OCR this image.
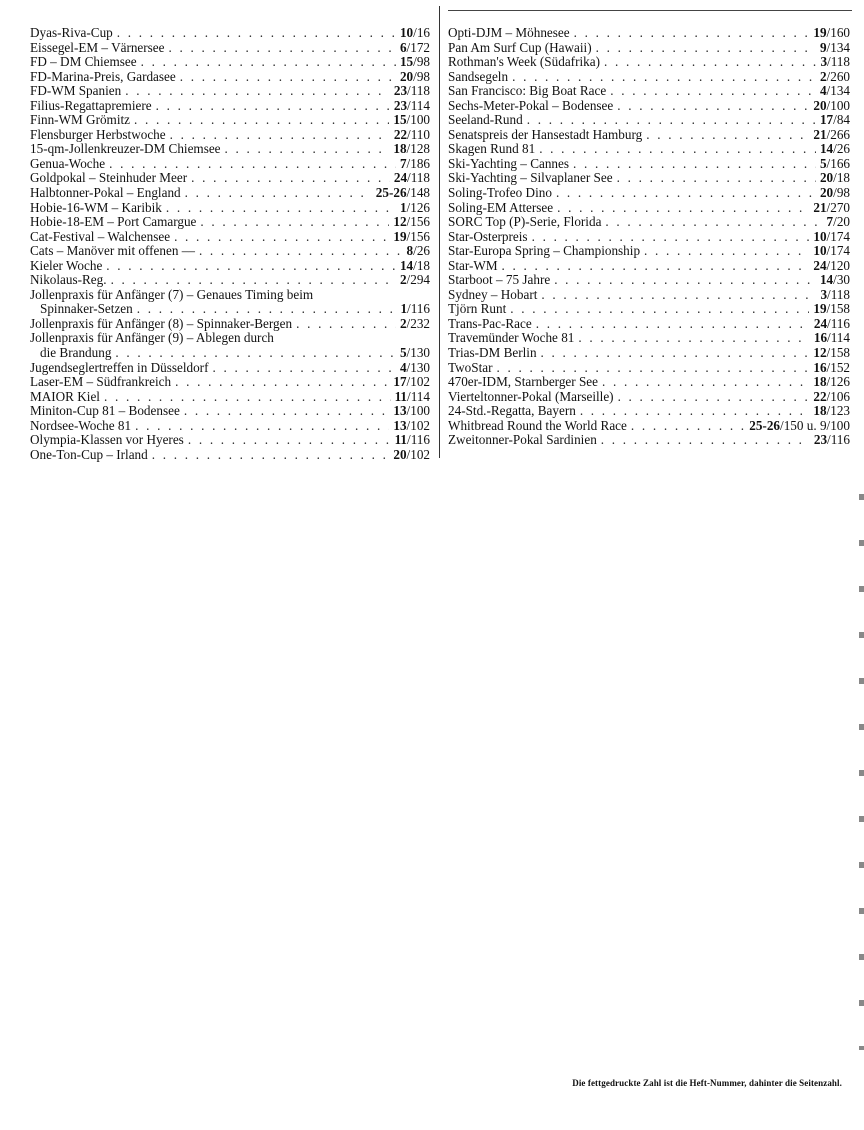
Dyas-Riva-Cup . . .	10/16
Eissegel-EM – Värnersee . . .	6/172
FD – DM Chiemsee . . .	15/98
FD-Marina-Preis, Gardasee . . .	20/98
FD-WM Spanien . . .	23/118
Filius-Regattapremiere . . .	23/114
Finn-WM Grömitz . . .	15/100
Flensburger Herbstwoche . . .	22/110
15-qm-Jollenkreuzer-DM Chiemsee . . .	18/128
Genua-Woche . . .	7/186
Goldpokal – Steinhuder Meer . . .	24/118
Halbtonner-Pokal – England . . .	25-26/148
Hobie-16-WM – Karibik . . .	1/126
Hobie-18-EM – Port Camargue . . .	12/156
Cat-Festival – Walchensee . . .	19/156
Cats – Manöver mit offenen –– . . .	8/26
Kieler Woche . . .	14/18
Nikolaus-Reg. . . .	2/294
Jollenpraxis für Anfänger (7) – Genaues Timing beim
Spinnaker-Setzen . . .	1/116
Jollenpraxis für Anfänger (8) – Spinnaker-Bergen . . .	2/232
Jollenpraxis für Anfänger (9) – Ablegen durch
die Brandung . . .	5/130
Jugendseglertreffen in Düsseldorf . . .	4/130
Laser-EM – Südfrankreich . . .	17/102
MAIOR Kiel . . .	11/114
Miniton-Cup 81 – Bodensee . . .	13/100
Nordsee-Woche 81 . . .	13/102
Olympia-Klassen vor Hyeres . . .	11/116
One-Ton-Cup – Irland . . .	20/102
Opti-DJM – Möhnesee . . .	19/160
Pan Am Surf Cup (Hawaii) . . .	9/134
Rothman's Week (Südafrika) . . .	3/118
Sandsegeln . . .	2/260
San Francisco: Big Boat Race . . .	4/134
Sechs-Meter-Pokal – Bodensee . . .	20/100
Seeland-Rund . . .	17/84
Senatspreis der Hansestadt Hamburg . . .	21/266
Skagen Rund 81 . . .	14/26
Ski-Yachting – Cannes . . .	5/166
Ski-Yachting – Silvaplaner See . . .	20/18
Soling-Trofeo Dino . . .	20/98
Soling-EM Attersee . . .	21/270
SORC Top (P)-Serie, Florida . . .	7/20
Star-Osterpreis . . .	10/174
Star-Europa Spring – Championship . . .	10/174
Star-WM . . .	24/120
Starboot – 75 Jahre . . .	14/30
Sydney – Hobart . . .	3/118
Tjörn Runt . . .	19/158
Trans-Pac-Race . . .	24/116
Travemünder Woche 81 . . .	16/114
Trias-DM Berlin . . .	12/158
TwoStar . . .	16/152
470er-IDM, Starnberger See . . .	18/126
Vierteltonner-Pokal (Marseille) . . .	22/106
24-Std.-Regatta, Bayern . . .	18/123
Whitbread Round the World Race . . .	25-26/150 u. 9/100
Zweitonner-Pokal Sardinien . . .	23/116
Die fettgedruckte Zahl ist die Heft-Nummer, dahinter die Seitenzahl.
